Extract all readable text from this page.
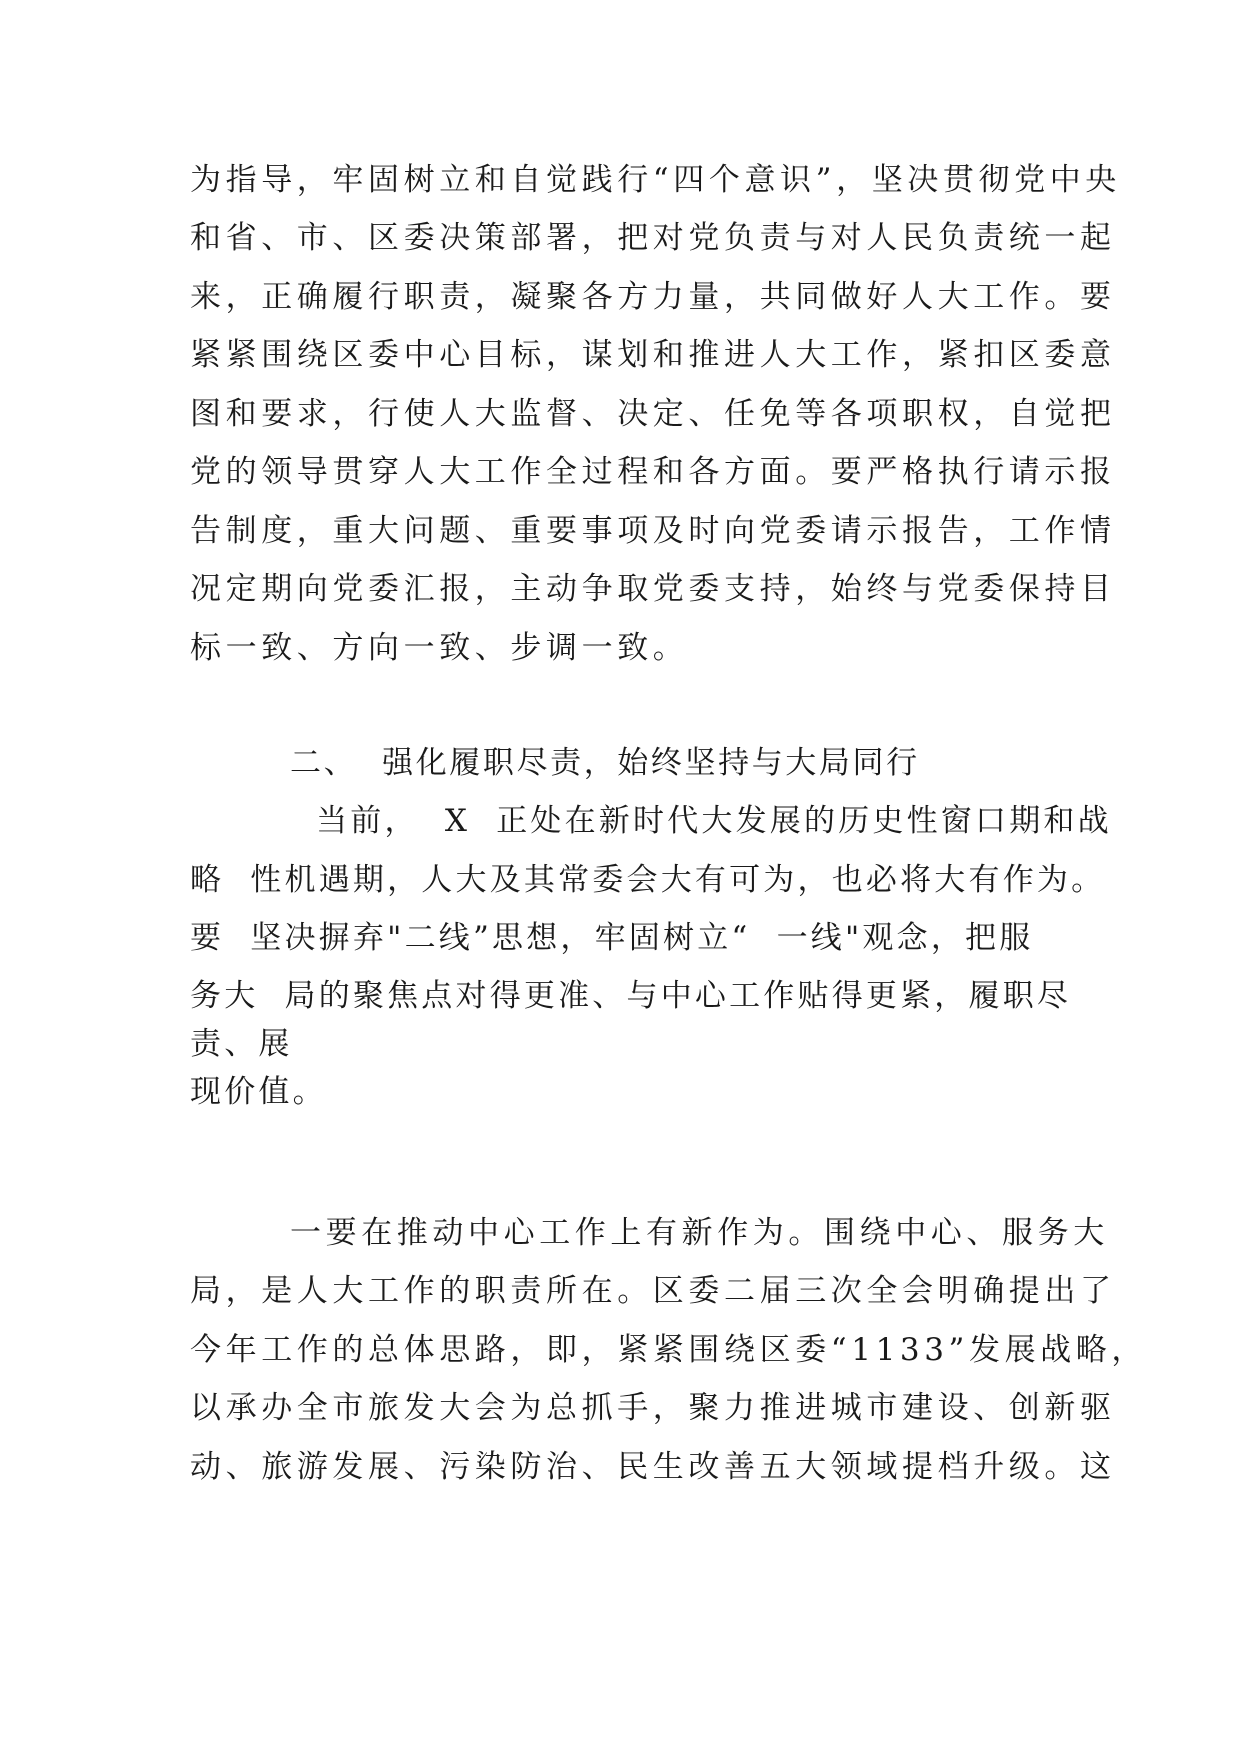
为指导，牢固树立和自觉践行“四个意识”，坚决贯彻党中央
和省、市、区委决策部署，把对党负责与对人民负责统一起
来，正确履行职责，凝聚各方力量，共同做好人大工作。要
紧紧围绕区委中心目标，谋划和推进人大工作，紧扣区委意
图和要求，行使人大监督、决定、任免等各项职权，自觉把
党的领导贯穿人大工作全过程和各方面。要严格执行请示报
告制度，重大问题、重要事项及时向党委请示报告，工作情
况定期向党委汇报，主动争取党委支持，始终与党委保持目
标一致、方向一致、步调一致。
二、  强化履职尽责，始终坚持与大局同行
当前，  X  正处在新时代大发展的历史性窗口期和战
略  性机遇期，人大及其常委会大有可为，也必将大有作为。
要  坚决摒弃"二线”思想，牢固树立“  一线"观念，把服
务大  局的聚焦点对得更准、与中心工作贴得更紧，履职尽
责、展
现价值。
一要在推动中心工作上有新作为。围绕中心、服务大
局，是人大工作的职责所在。区委二届三次全会明确提出了
今年工作的总体思路，即，紧紧围绕区委“1133”发展战略，
以承办全市旅发大会为总抓手，聚力推进城市建设、创新驱
动、旅游发展、污染防治、民生改善五大领域提档升级。这
